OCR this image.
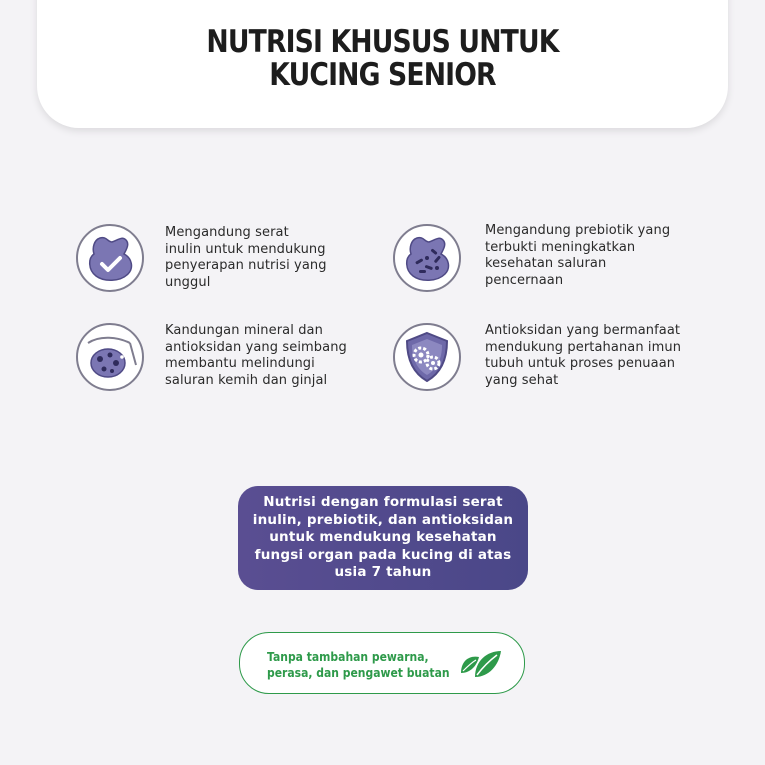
NUTRISI KHUSUS UNTUK
KUCING SENIOR
Mengandung serat
inulin untuk mendukung
penyerapan nutrisi yang
unggul
Mengandung prebiotik yang
terbukti meningkatkan
kesehatan saluran
pencernaan
Kandungan mineral dan
antioksidan yang seimbang
membantu melindungi
saluran kemih dan ginjal
Antioksidan yang bermanfaat
mendukung pertahanan imun
tubuh untuk proses penuaan
yang sehat
Nutrisi dengan formulasi serat
inulin, prebiotik, dan antioksidan
untuk mendukung kesehatan
fungsi organ pada kucing di atas
usia 7 tahun
Tanpa tambahan pewarna,
perasa, dan pengawet buatan
